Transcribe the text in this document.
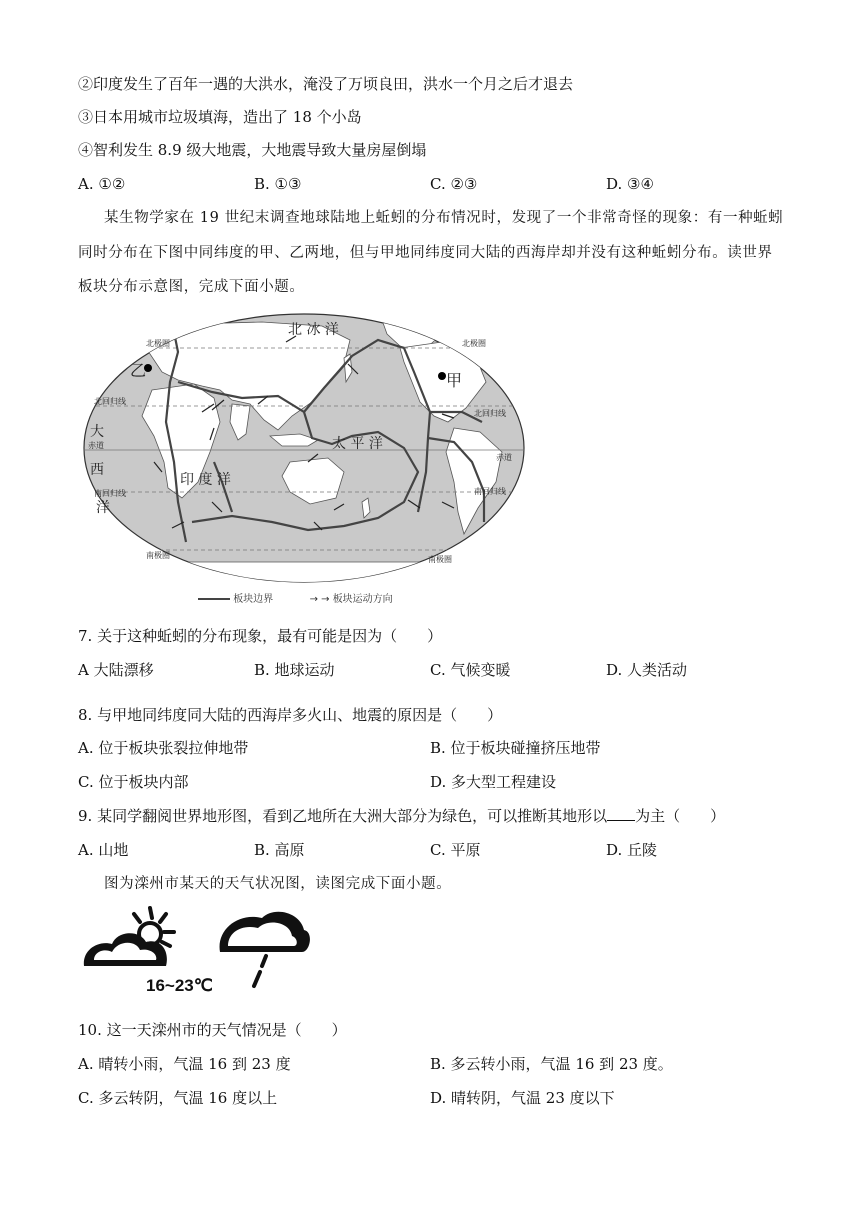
②印度发生了百年一遇的大洪水，淹没了万顷良田，洪水一个月之后才退去
③日本用城市垃圾填海，造出了 18 个小岛
④智利发生 8.9 级大地震，大地震导致大量房屋倒塌
A. ①②	B. ①③	C. ②③	D. ③④
某生物学家在 19 世纪末调查地球陆地上蚯蚓的分布情况时，发现了一个非常奇怪的现象：有一种蚯蚓
同时分布在下图中同纬度的甲、乙两地，但与甲地同纬度同大陆的西海岸却并没有这种蚯蚓分布。读世界
板块分布示意图，完成下面小题。
北 冰 洋
太 平 洋
印 度 洋
大
西
洋
甲
乙
北极圈	北极圈
北回归线
北回归线
赤道
赤道
南回归线	南回归线
南极圈	南极圈
板块边界	→ → 板块运动方向
7. 关于这种蚯蚓的分布现象，最有可能是因为（　　）
A 大陆漂移	B. 地球运动	C. 气候变暖	D. 人类活动
8. 与甲地同纬度同大陆的西海岸多火山、地震的原因是（　　）
A. 位于板块张裂拉伸地带	B. 位于板块碰撞挤压地带
C. 位于板块内部	D. 多大型工程建设
9. 某同学翻阅世界地形图，看到乙地所在大洲大部分为绿色，可以推断其地形以 为主（　　）
A. 山地	B. 高原	C. 平原	D. 丘陵
图为滦州市某天的天气状况图，读图完成下面小题。
16~23℃
10. 这一天滦州市的天气情况是（　　）
A. 晴转小雨，气温 16 到 23 度	B. 多云转小雨，气温 16 到 23 度。
C. 多云转阴，气温 16 度以上	D. 晴转阴，气温 23 度以下
